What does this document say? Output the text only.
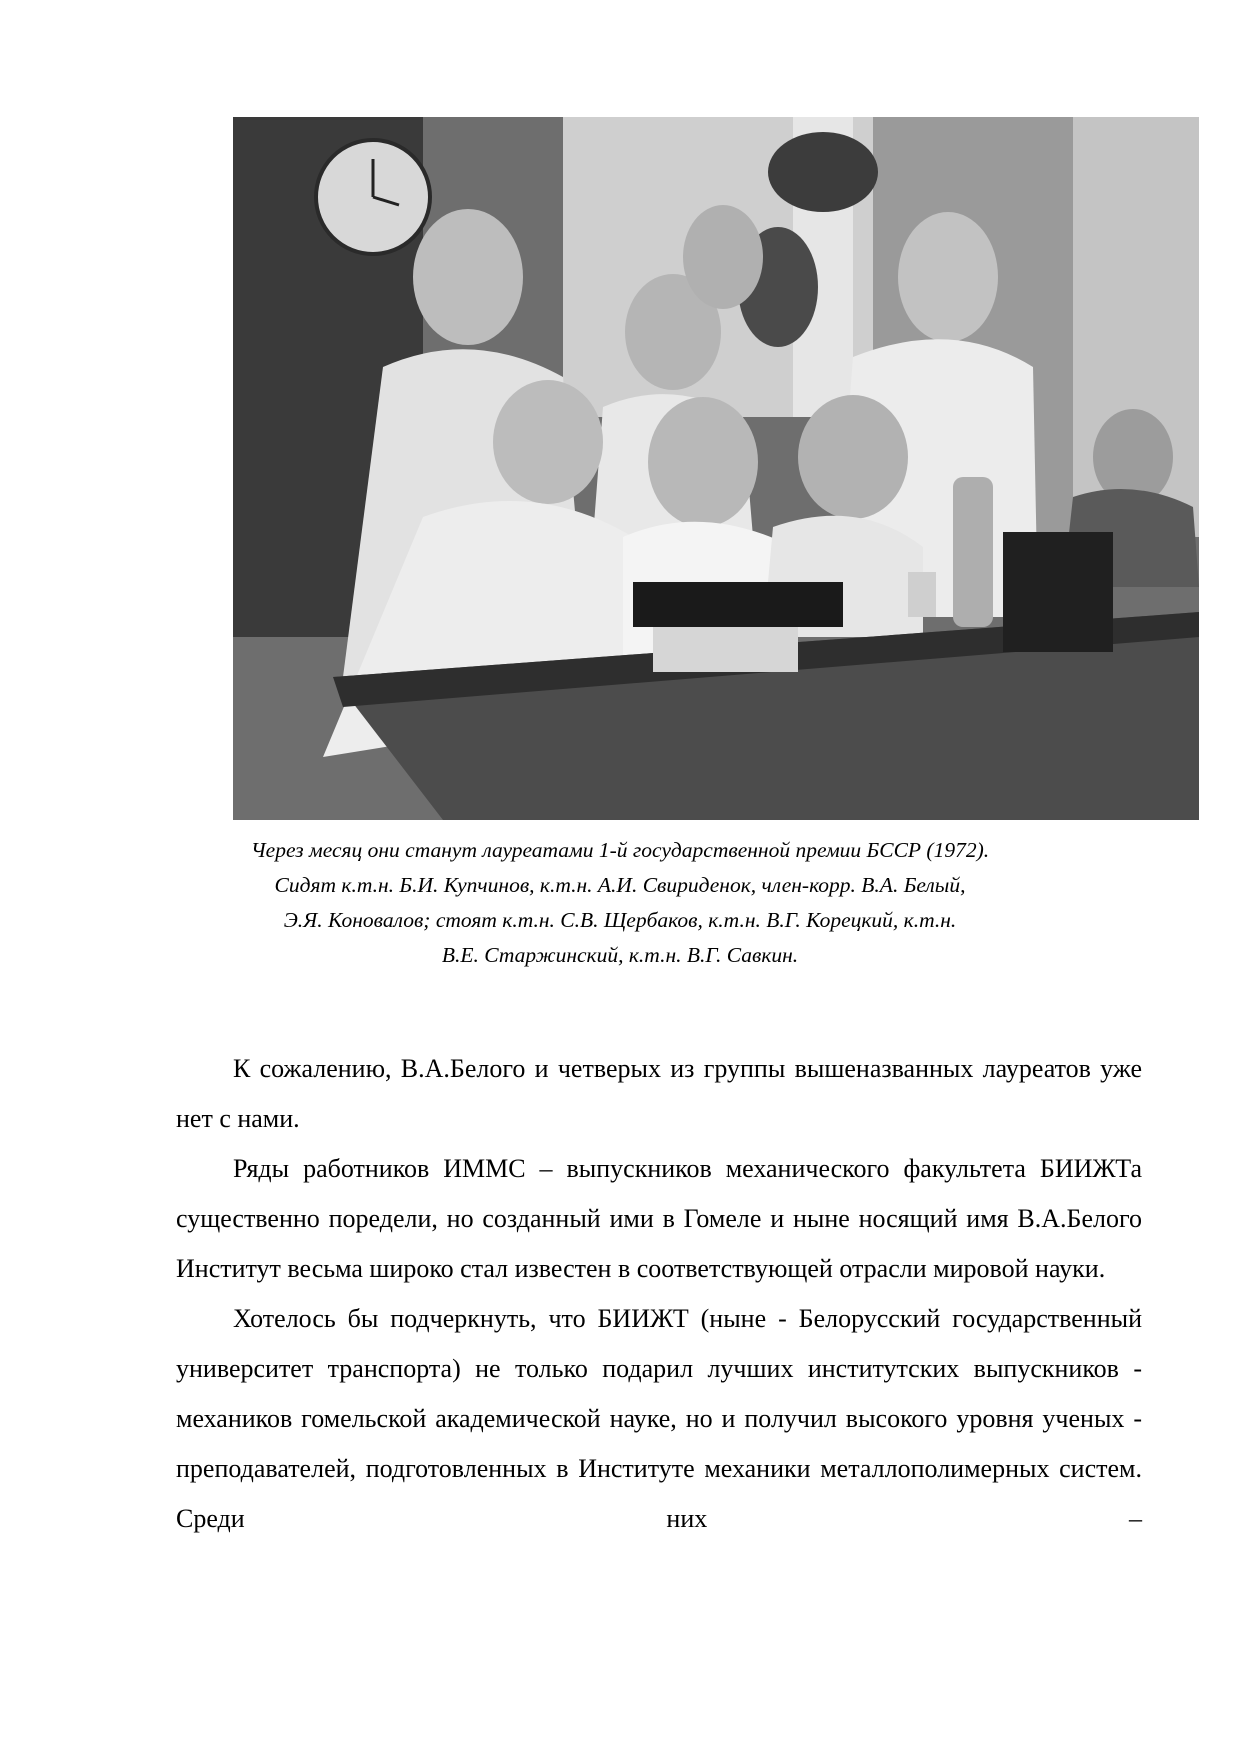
Через месяц они станут лауреатами 1-й государственной премии БССР (1972).
Сидят к.т.н. Б.И. Купчинов, к.т.н. А.И. Свириденок, член-корр. В.А. Белый,
Э.Я. Коновалов; стоят к.т.н. С.В. Щербаков, к.т.н. В.Г. Корецкий, к.т.н.
В.Е. Старжинский, к.т.н. В.Г. Савкин.

К сожалению, В.А.Белого и четверых из группы вышеназванных лауреатов уже нет с нами.

Ряды работников ИММС – выпускников механического факультета БИИЖТа существенно поредели, но созданный ими в Гомеле и ныне носящий имя В.А.Белого Институт весьма широко стал известен в соответствующей отрасли мировой науки.

Хотелось бы подчеркнуть, что БИИЖТ (ныне - Белорусский государственный университет транспорта) не только подарил лучших институтских выпускников - механиков гомельской академической науке, но и получил высокого уровня ученых - преподавателей, подготовленных в Институте механики металлополимерных систем. Среди них –
